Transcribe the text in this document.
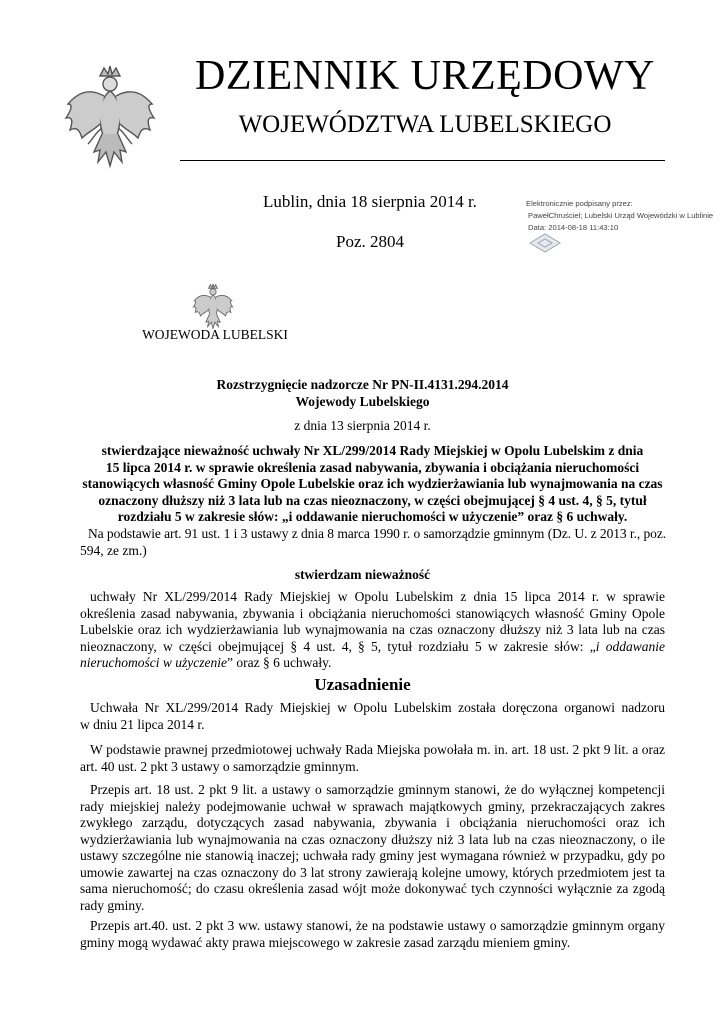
DZIENNIK URZĘDOWY
WOJEWÓDZTWA LUBELSKIEGO
Lublin, dnia 18 sierpnia 2014 r.
Poz. 2804
Elektronicznie podpisany przez:
PawełChruściel; Lubelski Urząd Wojewódzki w Lublinie
Data: 2014-08-18 11:43:10
WOJEWODA LUBELSKI
Rozstrzygnięcie nadzorcze Nr PN-II.4131.294.2014
Wojewody Lubelskiego
z dnia 13 sierpnia 2014 r.
stwierdzające nieważność uchwały Nr XL/299/2014 Rady Miejskiej w Opolu Lubelskim z dnia
15 lipca 2014 r. w sprawie określenia zasad nabywania, zbywania i obciążania nieruchomości
stanowiących własność Gminy Opole Lubelskie oraz ich wydzierżawiania lub wynajmowania na czas
oznaczony dłuższy niż 3 lata lub na czas nieoznaczony, w części obejmującej § 4 ust. 4, § 5, tytuł
rozdziału 5 w zakresie słów: „i oddawanie nieruchomości w użyczenie” oraz § 6 uchwały.
Na podstawie art. 91 ust. 1 i 3 ustawy z dnia 8 marca 1990 r. o samorządzie gminnym (Dz. U. z 2013 r., poz.
594, ze zm.)
stwierdzam nieważność
uchwały Nr XL/299/2014 Rady Miejskiej w Opolu Lubelskim z dnia 15 lipca 2014 r. w sprawie
określenia zasad nabywania, zbywania i obciążania nieruchomości stanowiących własność Gminy Opole
Lubelskie oraz ich wydzierżawiania lub wynajmowania na czas oznaczony dłuższy niż 3 lata lub na czas
nieoznaczony, w części obejmującej § 4 ust. 4, § 5, tytuł rozdziału 5 w zakresie słów: „i oddawanie
nieruchomości w użyczenie” oraz § 6 uchwały.
Uzasadnienie
Uchwała Nr XL/299/2014 Rady Miejskiej w Opolu Lubelskim została doręczona organowi nadzoru
w dniu 21 lipca 2014 r.
W podstawie prawnej przedmiotowej uchwały Rada Miejska powołała m. in. art. 18 ust. 2 pkt 9 lit. a oraz
art. 40 ust. 2 pkt 3 ustawy o samorządzie gminnym.
Przepis art. 18 ust. 2 pkt 9 lit. a ustawy o samorządzie gminnym stanowi, że do wyłącznej kompetencji
rady miejskiej należy podejmowanie uchwał w sprawach majątkowych gminy, przekraczających zakres
zwykłego zarządu, dotyczących zasad nabywania, zbywania i obciążania nieruchomości oraz ich
wydzierżawiania lub wynajmowania na czas oznaczony dłuższy niż 3 lata lub na czas nieoznaczony, o ile
ustawy szczególne nie stanowią inaczej; uchwała rady gminy jest wymagana również w przypadku, gdy po
umowie zawartej na czas oznaczony do 3 lat strony zawierają kolejne umowy, których przedmiotem jest ta
sama nieruchomość; do czasu określenia zasad wójt może dokonywać tych czynności wyłącznie za zgodą
rady gminy.
Przepis art.40. ust. 2 pkt 3 ww. ustawy stanowi, że na podstawie ustawy o samorządzie gminnym organy
gminy mogą wydawać akty prawa miejscowego w zakresie zasad zarządu mieniem gminy.
